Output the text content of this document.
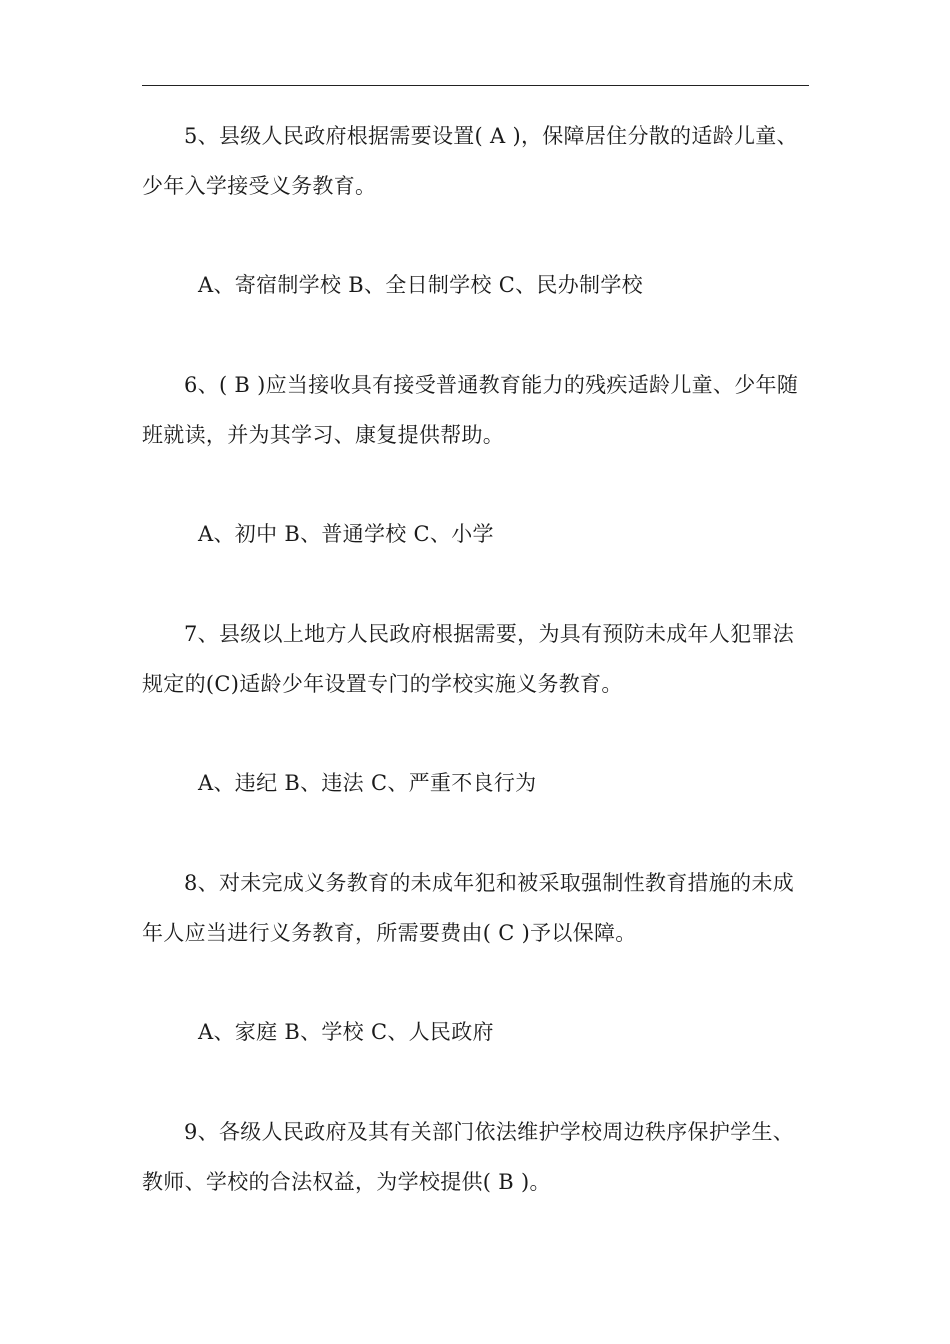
5、县级人民政府根据需要设置( A )，保障居住分散的适龄儿童、少年入学接受义务教育。

A、寄宿制学校 B、全日制学校 C、民办制学校

6、( B )应当接收具有接受普通教育能力的残疾适龄儿童、少年随班就读，并为其学习、康复提供帮助。

A、初中 B、普通学校 C、小学

7、县级以上地方人民政府根据需要，为具有预防未成年人犯罪法规定的(C)适龄少年设置专门的学校实施义务教育。

A、违纪 B、违法 C、严重不良行为

8、对未完成义务教育的未成年犯和被采取强制性教育措施的未成年人应当进行义务教育，所需要费由( C )予以保障。

A、家庭 B、学校 C、人民政府

9、各级人民政府及其有关部门依法维护学校周边秩序保护学生、教师、学校的合法权益，为学校提供( B )。
